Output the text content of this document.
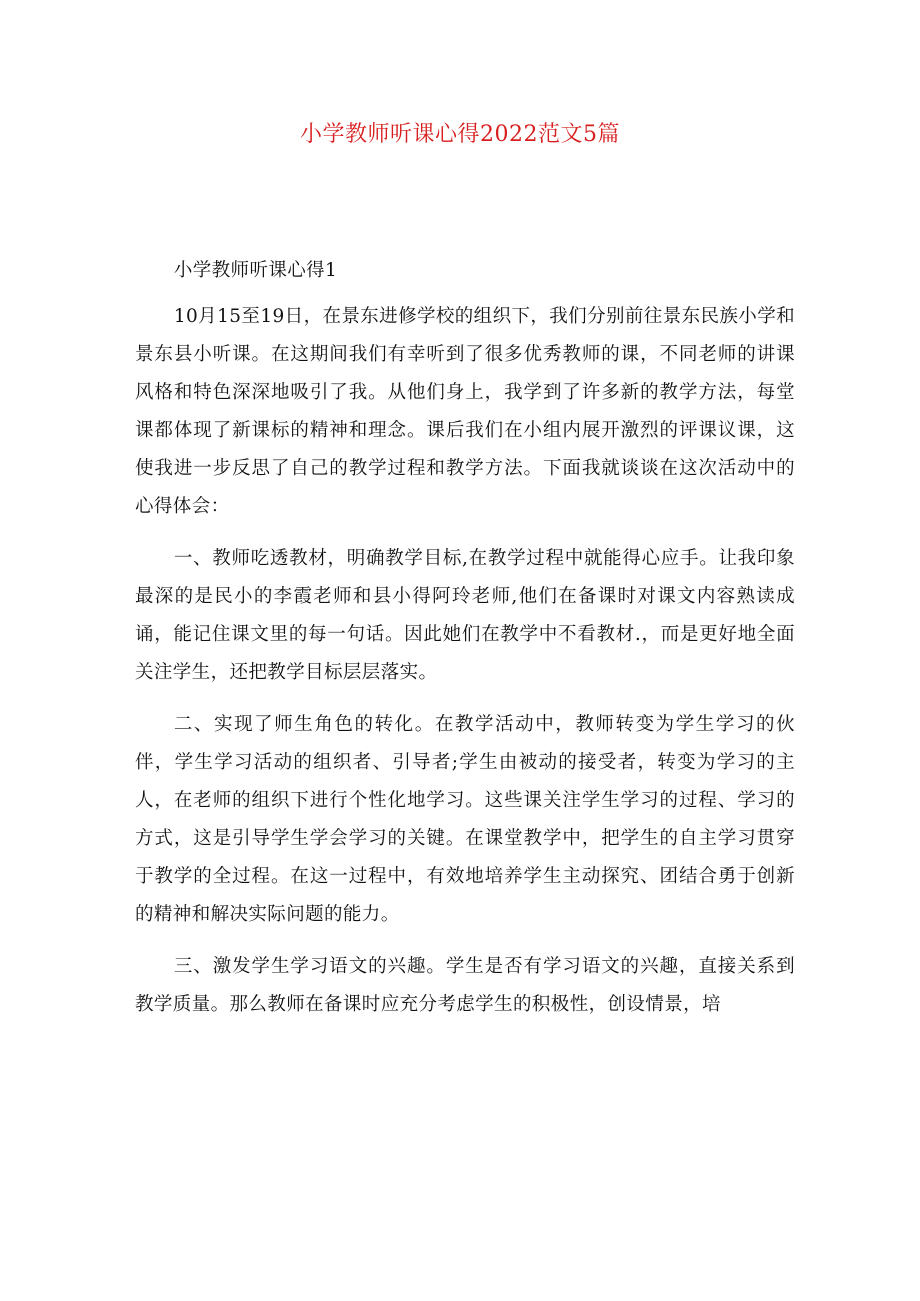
小学教师听课心得2022范文5篇

小学教师听课心得1

10月15至19日，在景东进修学校的组织下，我们分别前往景东民族小学和景东县小听课。在这期间我们有幸听到了很多优秀教师的课，不同老师的讲课风格和特色深深地吸引了我。从他们身上，我学到了许多新的教学方法，每堂课都体现了新课标的精神和理念。课后我们在小组内展开激烈的评课议课，这使我进一步反思了自己的教学过程和教学方法。下面我就谈谈在这次活动中的心得体会：

一、教师吃透教材，明确教学目标,在教学过程中就能得心应手。让我印象最深的是民小的李霞老师和县小得阿玲老师,他们在备课时对课文内容熟读成诵，能记住课文里的每一句话。因此她们在教学中不看教材.，而是更好地全面关注学生，还把教学目标层层落实。

二、实现了师生角色的转化。在教学活动中，教师转变为学生学习的伙伴，学生学习活动的组织者、引导者;学生由被动的接受者，转变为学习的主人，在老师的组织下进行个性化地学习。这些课关注学生学习的过程、学习的方式，这是引导学生学会学习的关键。在课堂教学中，把学生的自主学习贯穿于教学的全过程。在这一过程中，有效地培养学生主动探究、团结合勇于创新的精神和解决实际问题的能力。

三、激发学生学习语文的兴趣。学生是否有学习语文的兴趣，直接关系到教学质量。那么教师在备课时应充分考虑学生的积极性，创设情景，培
